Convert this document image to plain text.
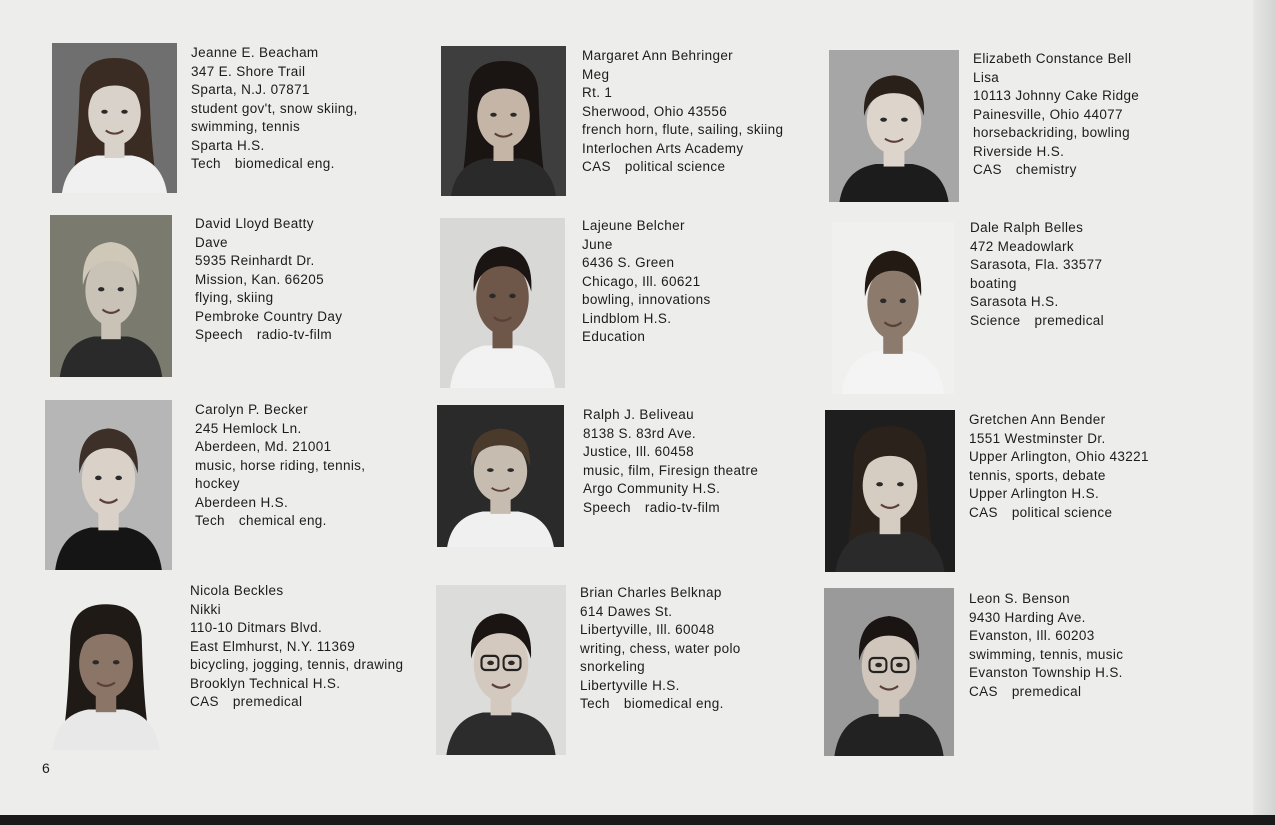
Jeanne E. Beacham
347 E. Shore Trail
Sparta, N.J. 07871
student gov't, snow skiing,
swimming, tennis
Sparta H.S.
Tech biomedical eng.
David Lloyd Beatty
Dave
5935 Reinhardt Dr.
Mission, Kan. 66205
flying, skiing
Pembroke Country Day
Speech radio-tv-film
Carolyn P. Becker
245 Hemlock Ln.
Aberdeen, Md. 21001
music, horse riding, tennis,
hockey
Aberdeen H.S.
Tech chemical eng.
Nicola Beckles
Nikki
110-10 Ditmars Blvd.
East Elmhurst, N.Y. 11369
bicycling, jogging, tennis, drawing
Brooklyn Technical H.S.
CAS premedical
Margaret Ann Behringer
Meg
Rt. 1
Sherwood, Ohio 43556
french horn, flute, sailing, skiing
Interlochen Arts Academy
CAS political science
Lajeune Belcher
June
6436 S. Green
Chicago, Ill. 60621
bowling, innovations
Lindblom H.S.
Education
Ralph J. Beliveau
8138 S. 83rd Ave.
Justice, Ill. 60458
music, film, Firesign theatre
Argo Community H.S.
Speech radio-tv-film
Brian Charles Belknap
614 Dawes St.
Libertyville, Ill. 60048
writing, chess, water polo
snorkeling
Libertyville H.S.
Tech biomedical eng.
Elizabeth Constance Bell
Lisa
10113 Johnny Cake Ridge
Painesville, Ohio 44077
horsebackriding, bowling
Riverside H.S.
CAS chemistry
Dale Ralph Belles
472 Meadowlark
Sarasota, Fla. 33577
boating
Sarasota H.S.
Science premedical
Gretchen Ann Bender
1551 Westminster Dr.
Upper Arlington, Ohio 43221
tennis, sports, debate
Upper Arlington H.S.
CAS political science
Leon S. Benson
9430 Harding Ave.
Evanston, Ill. 60203
swimming, tennis, music
Evanston Township H.S.
CAS premedical
6
